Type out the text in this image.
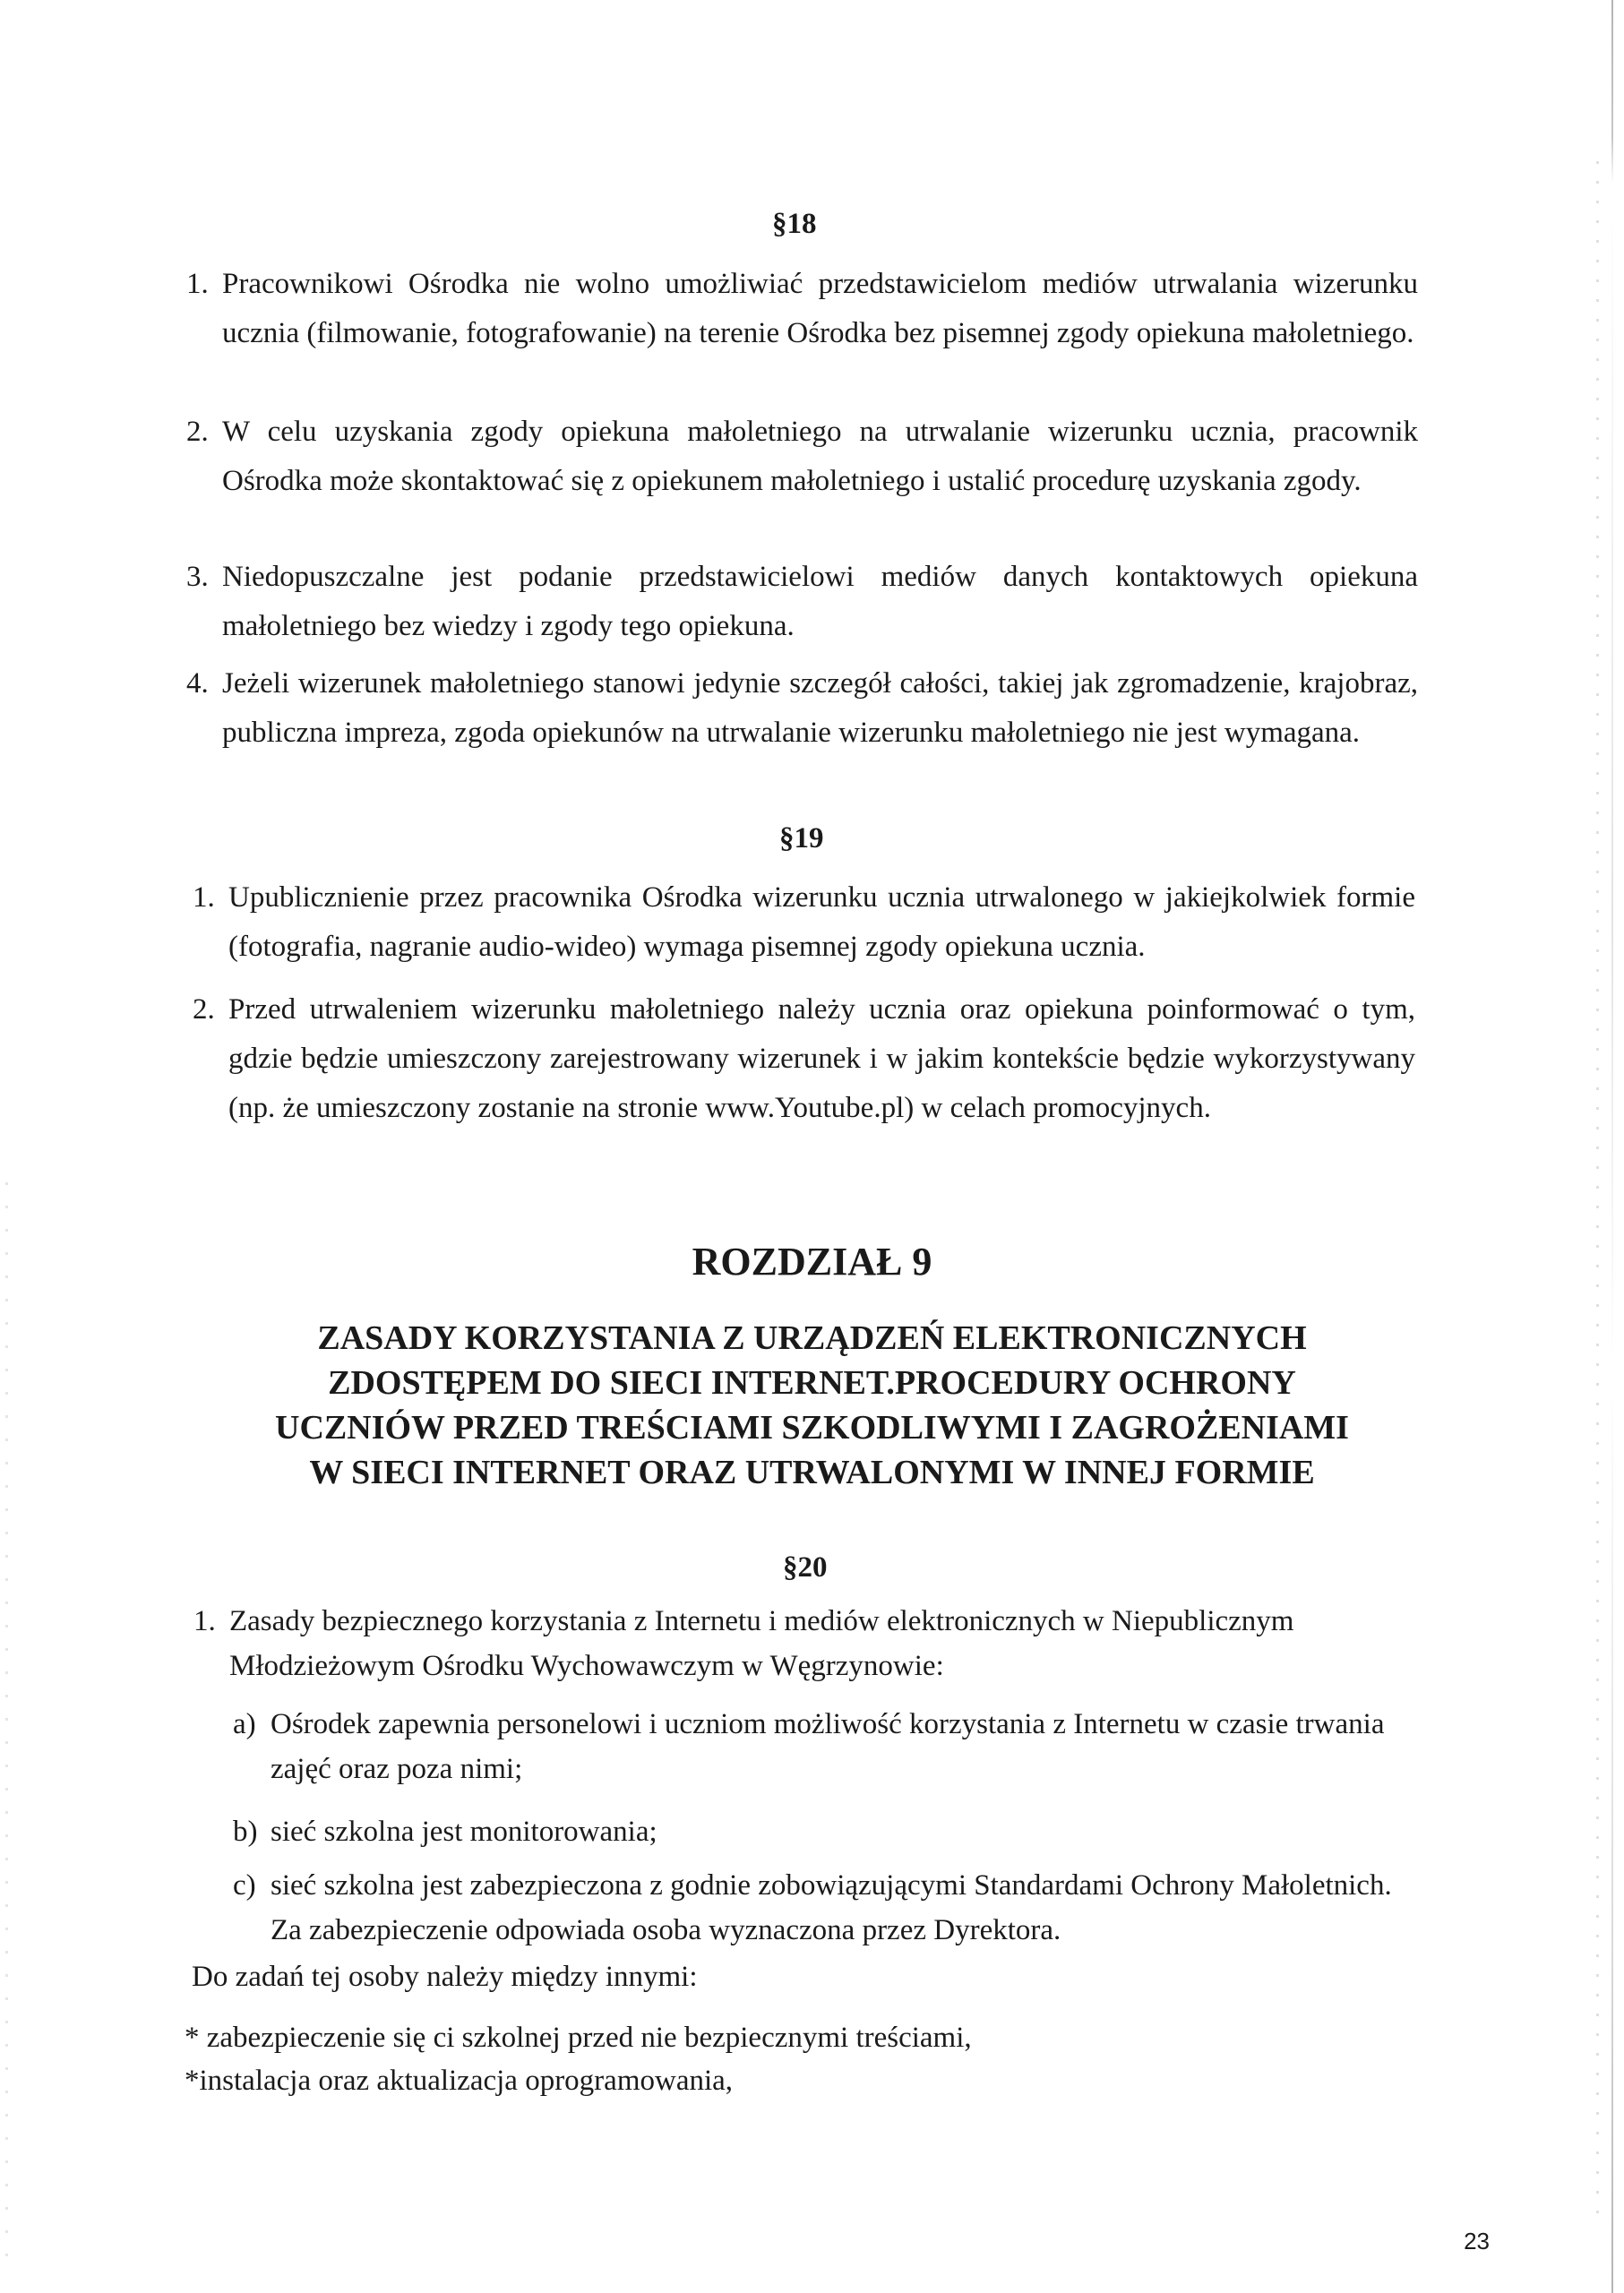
§18
1. Pracownikowi Ośrodka nie wolno umożliwiać przedstawicielom mediów utrwalania wizerunku ucznia (filmowanie, fotografowanie) na terenie Ośrodka bez pisemnej zgody opiekuna małoletniego.
2. W celu uzyskania zgody opiekuna małoletniego na utrwalanie wizerunku ucznia, pracownik Ośrodka może skontaktować się z opiekunem małoletniego i ustalić procedurę uzyskania zgody.
3. Niedopuszczalne jest podanie przedstawicielowi mediów danych kontaktowych opiekuna małoletniego bez wiedzy i zgody tego opiekuna.
4. Jeżeli wizerunek małoletniego stanowi jedynie szczegół całości, takiej jak zgromadzenie, krajobraz, publiczna impreza, zgoda opiekunów na utrwalanie wizerunku małoletniego nie jest wymagana.
§19
1. Upublicznienie przez pracownika Ośrodka wizerunku ucznia utrwalonego w jakiejkolwiek formie (fotografia, nagranie audio-wideo) wymaga pisemnej zgody opiekuna ucznia.
2. Przed utrwaleniem wizerunku małoletniego należy ucznia oraz opiekuna poinformować o tym, gdzie będzie umieszczony zarejestrowany wizerunek i w jakim kontekście będzie wykorzystywany (np. że umieszczony zostanie na stronie www.Youtube.pl) w celach promocyjnych.
ROZDZIAŁ 9
ZASADY KORZYSTANIA Z URZĄDZEŃ ELEKTRONICZNYCH
ZDOSTĘPEM DO SIECI INTERNET.PROCEDURY OCHRONY
UCZNIÓW PRZED TREŚCIAMI SZKODLIWYMI I ZAGROŻENIAMI
W SIECI INTERNET ORAZ UTRWALONYMI W INNEJ FORMIE
§20
1. Zasady bezpiecznego korzystania z Internetu i mediów elektronicznych w Niepublicznym Młodzieżowym Ośrodku Wychowawczym w Węgrzynowie:
a) Ośrodek zapewnia personelowi i uczniom możliwość korzystania z Internetu w czasie trwania zajęć oraz poza nimi;
b) sieć szkolna jest monitorowania;
c) sieć szkolna jest zabezpieczona z godnie zobowiązującymi Standardami Ochrony Małoletnich. Za zabezpieczenie odpowiada osoba wyznaczona przez Dyrektora.
Do zadań tej osoby należy między innymi:
* zabezpieczenie się ci szkolnej przed nie bezpiecznymi treściami,
*instalacja oraz aktualizacja oprogramowania,
23
